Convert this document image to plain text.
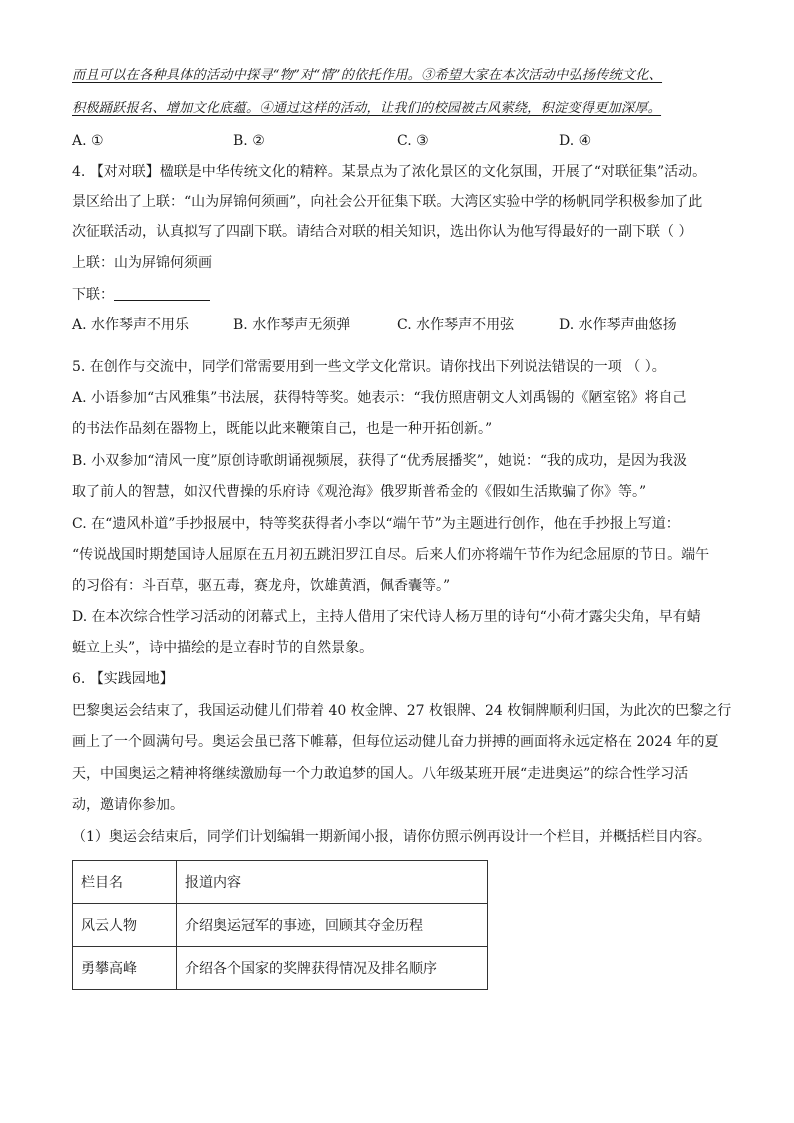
而且可以在各种具体的活动中探寻“物”对“情”的依托作用。③希望大家在本次活动中弘扬传统文化、
积极踊跃报名、增加文化底蕴。④通过这样的活动，让我们的校园被古风萦绕，积淀变得更加深厚。
A. ①	B. ②	C. ③	D. ④
4. 【对对联】楹联是中华传统文化的精粹。某景点为了浓化景区的文化氛围，开展了“对联征集”活动。
景区给出了上联：“山为屏锦何须画”，向社会公开征集下联。大湾区实验中学的杨帆同学积极参加了此
次征联活动，认真拟写了四副下联。请结合对联的相关知识，选出你认为他写得最好的一副下联（ ）
上联：山为屏锦何须画
下联：
A. 水作琴声不用乐	B. 水作琴声无须弹	C. 水作琴声不用弦	D. 水作琴声曲悠扬
5. 在创作与交流中，同学们常需要用到一些文学文化常识。请你找出下列说法错误的一项 （ ）。
A. 小语参加“古风雅集”书法展，获得特等奖。她表示：“我仿照唐朝文人刘禹锡的《陋室铭》将自己
的书法作品刻在器物上，既能以此来鞭策自己，也是一种开拓创新。”
B. 小双参加“清风一度”原创诗歌朗诵视频展，获得了“优秀展播奖”，她说：“我的成功，是因为我汲
取了前人的智慧，如汉代曹操的乐府诗《观沧海》俄罗斯普希金的《假如生活欺骗了你》等。”
C. 在“遗风朴道”手抄报展中，特等奖获得者小李以“端午节”为主题进行创作，他在手抄报上写道：
“传说战国时期楚国诗人屈原在五月初五跳汨罗江自尽。后来人们亦将端午节作为纪念屈原的节日。端午
的习俗有：斗百草，驱五毒，赛龙舟，饮雄黄酒，佩香囊等。”
D. 在本次综合性学习活动的闭幕式上，主持人借用了宋代诗人杨万里的诗句“小荷才露尖尖角，早有蜻
蜓立上头”，诗中描绘的是立春时节的自然景象。
6. 【实践园地】
巴黎奥运会结束了，我国运动健儿们带着 40 枚金牌、27 枚银牌、24 枚铜牌顺利归国，为此次的巴黎之行
画上了一个圆满句号。奥运会虽已落下帷幕，但每位运动健儿奋力拼搏的画面将永远定格在 2024 年的夏
天，中国奥运之精神将继续激励每一个力敢追梦的国人。八年级某班开展“走进奥运”的综合性学习活
动，邀请你参加。
（1）奥运会结束后，同学们计划编辑一期新闻小报，请你仿照示例再设计一个栏目，并概括栏目内容。
栏目名	报道内容
风云人物	介绍奥运冠军的事迹，回顾其夺金历程
勇攀高峰	介绍各个国家的奖牌获得情况及排名顺序
